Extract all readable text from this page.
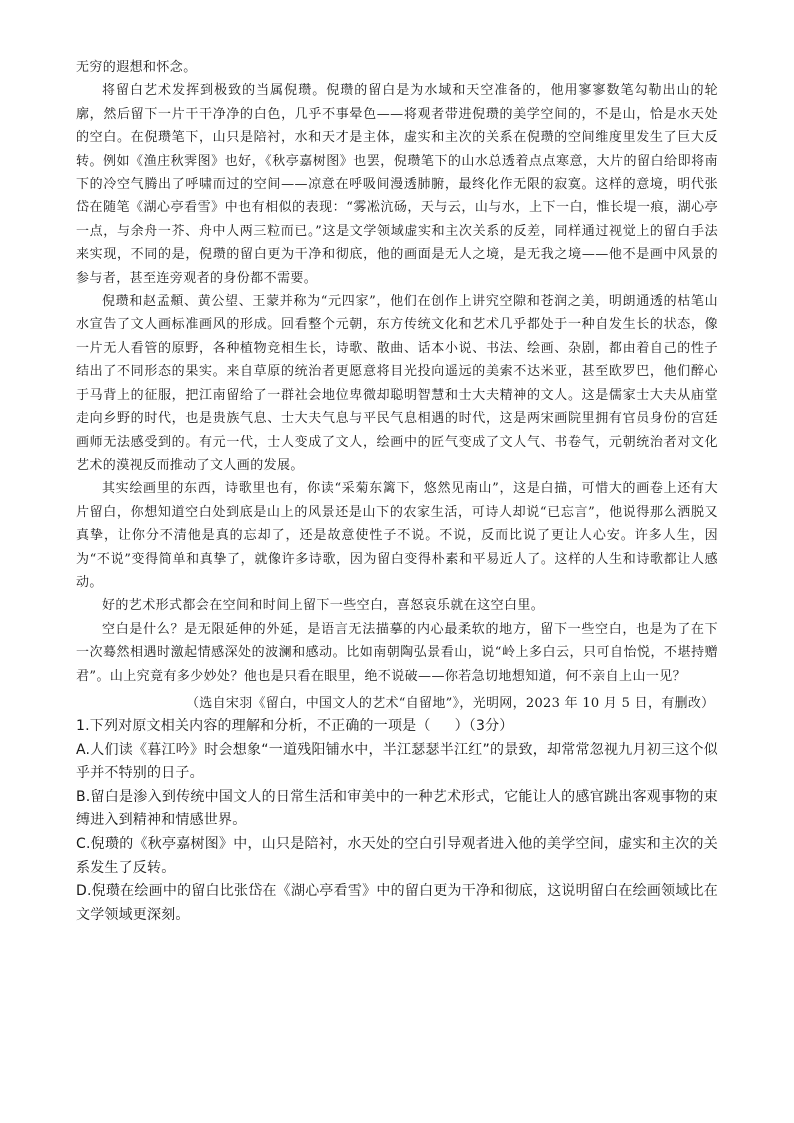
无穷的遐想和怀念。

将留白艺术发挥到极致的当属倪瓒。倪瓒的留白是为水域和天空准备的，他用寥寥数笔勾勒出山的轮廓，然后留下一片干干净净的白色，几乎不事晕色——将观者带进倪瓒的美学空间的，不是山，恰是水天处的空白。在倪瓒笔下，山只是陪衬，水和天才是主体，虚实和主次的关系在倪瓒的空间维度里发生了巨大反转。例如《渔庄秋霁图》也好，《秋亭嘉树图》也罢，倪瓒笔下的山水总透着点点寒意，大片的留白给即将南下的冷空气腾出了呼啸而过的空间——凉意在呼吸间漫透肺腑，最终化作无限的寂寞。这样的意境，明代张岱在随笔《湖心亭看雪》中也有相似的表现：“雾凇沆砀，天与云，山与水，上下一白，惟长堤一痕，湖心亭一点，与余舟一芥、舟中人两三粒而已。”这是文学领域虚实和主次关系的反差，同样通过视觉上的留白手法来实现，不同的是，倪瓒的留白更为干净和彻底，他的画面是无人之境，是无我之境——他不是画中风景的参与者，甚至连旁观者的身份都不需要。

倪瓒和赵孟頫、黄公望、王蒙并称为“元四家”，他们在创作上讲究空隙和苍润之美，明朗通透的枯笔山水宣告了文人画标准画风的形成。回看整个元朝，东方传统文化和艺术几乎都处于一种自发生长的状态，像一片无人看管的原野，各种植物竞相生长，诗歌、散曲、话本小说、书法、绘画、杂剧，都由着自己的性子结出了不同形态的果实。来自草原的统治者更愿意将目光投向遥远的美索不达米亚，甚至欧罗巴，他们醉心于马背上的征服，把江南留给了一群社会地位卑微却聪明智慧和士大夫精神的文人。这是儒家士大夫从庙堂走向乡野的时代，也是贵族气息、士大夫气息与平民气息相遇的时代，这是两宋画院里拥有官员身份的宫廷画师无法感受到的。有元一代，士人变成了文人，绘画中的匠气变成了文人气、书卷气，元朝统治者对文化艺术的漠视反而推动了文人画的发展。

其实绘画里的东西，诗歌里也有，你读“采菊东篱下，悠然见南山”，这是白描，可惜大的画卷上还有大片留白，你想知道空白处到底是山上的风景还是山下的农家生活，可诗人却说“已忘言”，他说得那么洒脱又真挚，让你分不清他是真的忘却了，还是故意使性子不说。不说，反而比说了更让人心安。许多人生，因为“不说”变得简单和真挚了，就像许多诗歌，因为留白变得朴素和平易近人了。这样的人生和诗歌都让人感动。

好的艺术形式都会在空间和时间上留下一些空白，喜怒哀乐就在这空白里。

空白是什么？是无限延伸的外延，是语言无法描摹的内心最柔软的地方，留下一些空白，也是为了在下一次蓦然相遇时激起情感深处的波澜和感动。比如南朝陶弘景看山，说“岭上多白云，只可自怡悦，不堪持赠君”。山上究竟有多少妙处？他也是只看在眼里，绝不说破——你若急切地想知道，何不亲自上山一见？

（选自宋羽《留白，中国文人的艺术“自留地”》，光明网，2023 年 10 月 5 日，有删改）

1.下列对原文相关内容的理解和分析，不正确的一项是（ ）（3分）

A.人们读《暮江吟》时会想象“一道残阳铺水中，半江瑟瑟半江红”的景致，却常常忽视九月初三这个似乎并不特别的日子。

B.留白是渗入到传统中国文人的日常生活和审美中的一种艺术形式，它能让人的感官跳出客观事物的束缚进入到精神和情感世界。

C.倪瓒的《秋亭嘉树图》中，山只是陪衬，水天处的空白引导观者进入他的美学空间，虚实和主次的关系发生了反转。

D.倪瓒在绘画中的留白比张岱在《湖心亭看雪》中的留白更为干净和彻底，这说明留白在绘画领域比在文学领域更深刻。
